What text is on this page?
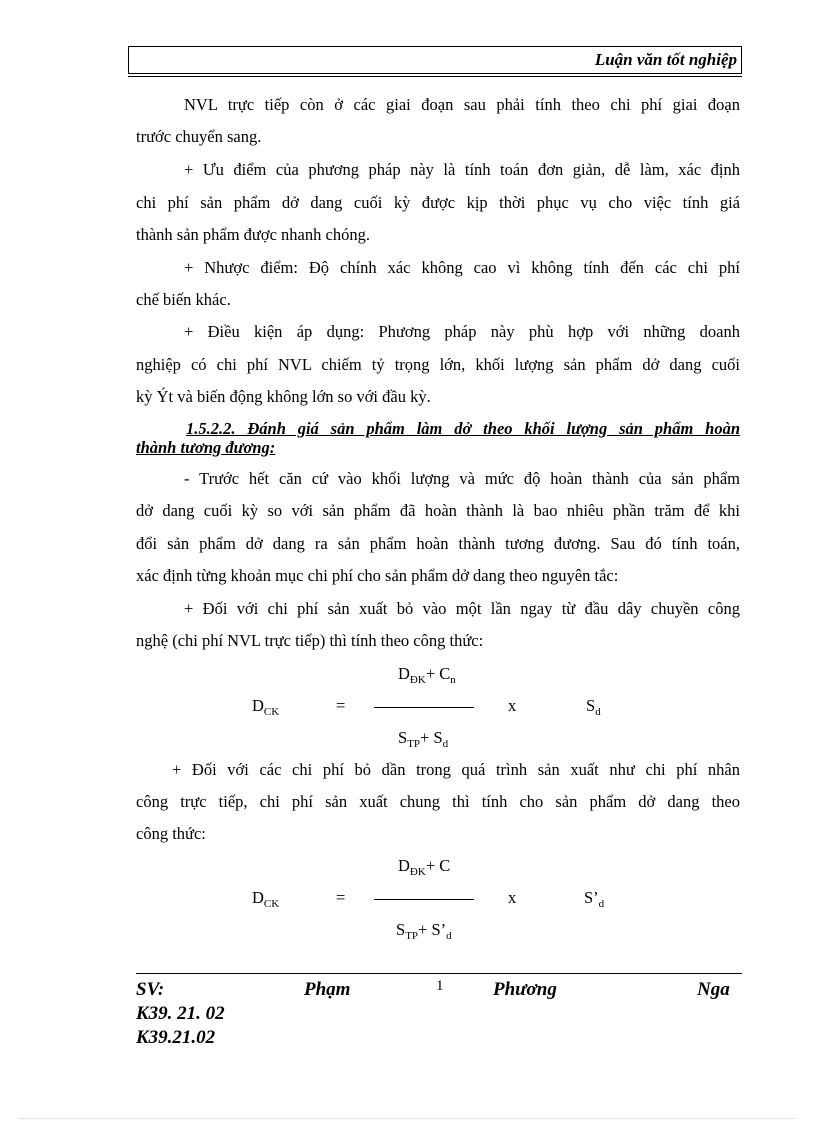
Luận văn tốt nghiệp
NVL trực tiếp còn ở các giai đoạn sau phải tính theo chi phí giai đoạn
trước chuyển sang.
+ Ưu điểm của phương pháp này là tính toán đơn giản, dễ làm, xác định
chi phí sản phẩm dở dang cuối kỳ được kịp thời phục vụ cho việc tính giá
thành sản phẩm được nhanh chóng.
+ Nhược điểm: Độ chính xác không cao vì không tính đến các chi phí
chế biến khác.
+ Điều kiện áp dụng: Phương pháp này phù hợp với những doanh
nghiệp có chi phí NVL chiếm tỷ trọng lớn, khối lượng sản phẩm dở dang cuối
kỳ Ýt và biến động không lớn so với đầu kỳ.
1.5.2.2. Đánh giá sản phẩm làm dở theo khối lượng sản phẩm hoàn
thành tương đương:
- Trước hết căn cứ vào khối lượng và mức độ hoàn thành của sản phẩm
dở dang cuối kỳ so với sản phẩm đã hoàn thành là bao nhiêu phần trăm để khi
đổi sản phẩm dở dang ra sản phẩm hoàn thành tương đương. Sau đó tính toán,
xác định từng khoản mục chi phí cho sản phẩm dở dang theo nguyên tắc:
+ Đối với chi phí sản xuất bỏ vào một lần ngay từ đầu dây chuyền công
nghệ (chi phí NVL trực tiếp) thì tính theo công thức:
$D_{ĐK}+ C_n$
$D_{CK}$	=	x	$S_d$
$S_{TP}+ S_d$
+ Đối với các chi phí bỏ dần trong quá trình sản xuất như chi phí nhân
công trực tiếp, chi phí sản xuất chung thì tính cho sản phẩm dở dang theo
công thức:
$D_{ĐK}+ C$
$D_{CK}$	=	x	$S’_d$
$S_{TP}+$ $S’_d$
SV:	Phạm	1	Phương	Nga
K39. 21. 02
K39.21.02
